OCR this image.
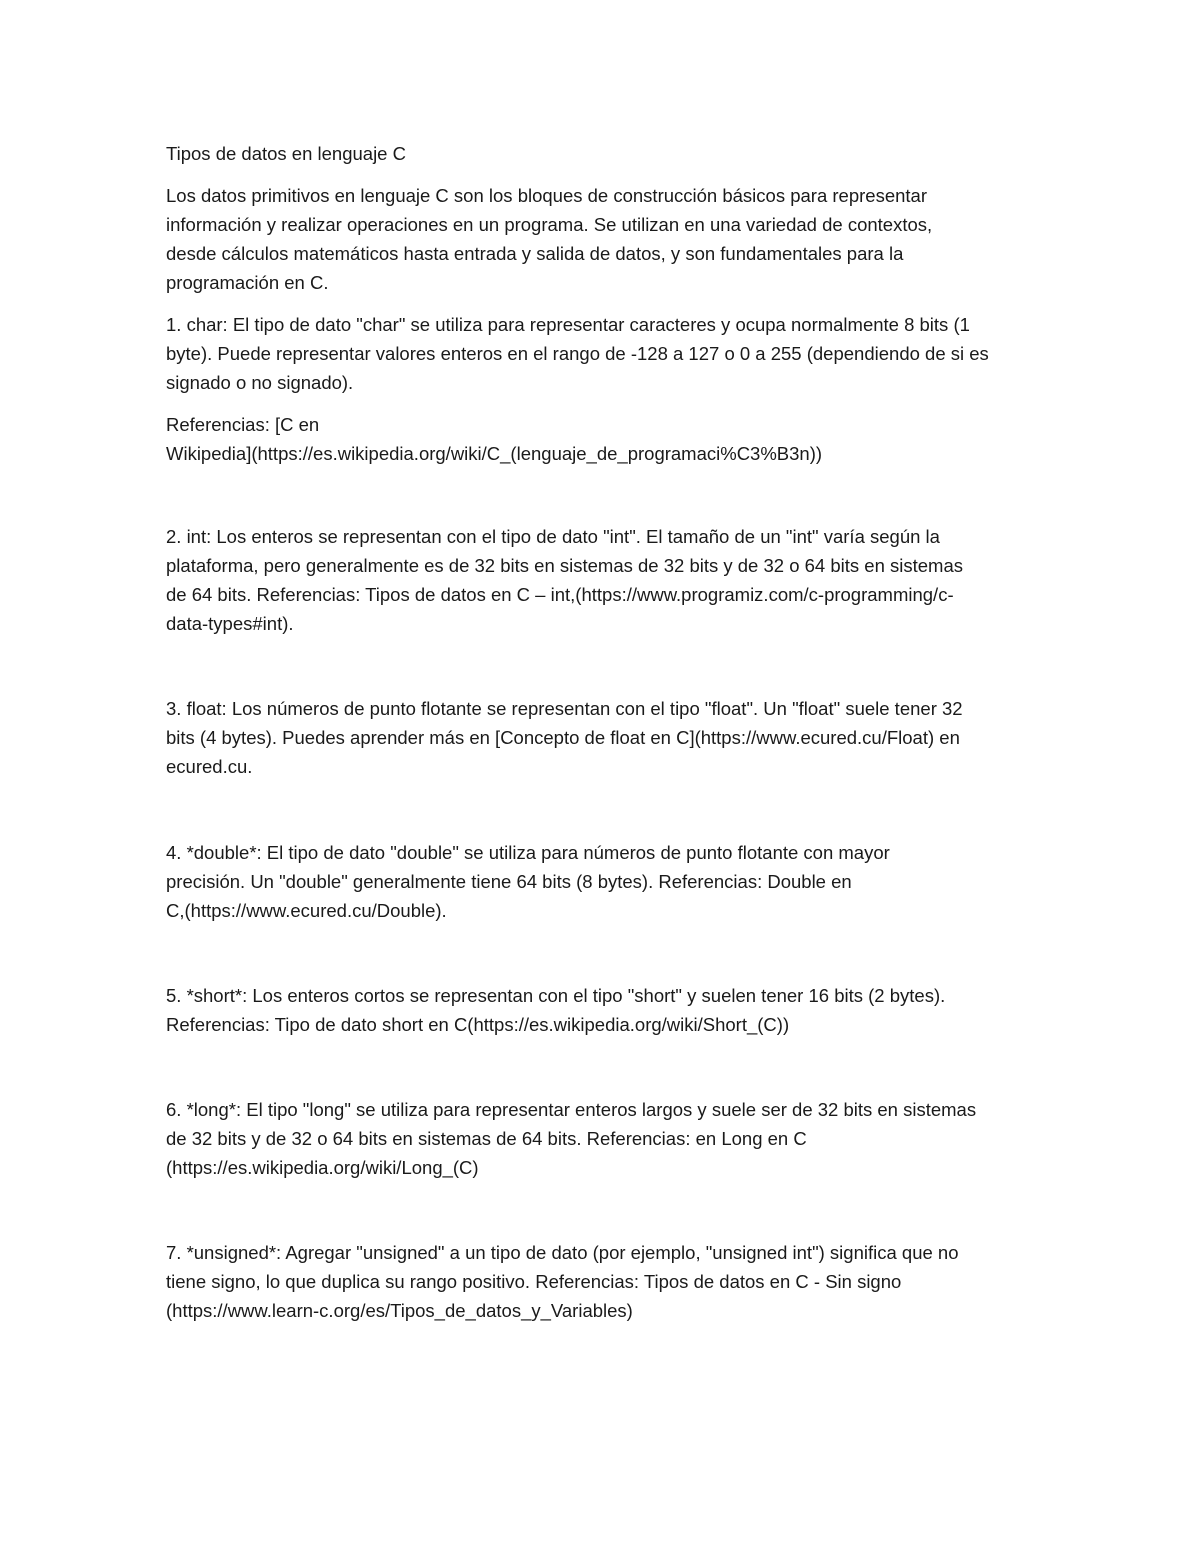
Tipos de datos en lenguaje C

Los datos primitivos en lenguaje C son los bloques de construcción básicos para representar
información y realizar operaciones en un programa. Se utilizan en una variedad de contextos,
desde cálculos matemáticos hasta entrada y salida de datos, y son fundamentales para la
programación en C.

1. char: El tipo de dato "char" se utiliza para representar caracteres y ocupa normalmente 8 bits (1
byte). Puede representar valores enteros en el rango de -128 a 127 o 0 a 255 (dependiendo de si es
signado o no signado).

Referencias: [C en
Wikipedia](https://es.wikipedia.org/wiki/C_(lenguaje_de_programaci%C3%B3n))

2. int: Los enteros se representan con el tipo de dato "int". El tamaño de un "int" varía según la
plataforma, pero generalmente es de 32 bits en sistemas de 32 bits y de 32 o 64 bits en sistemas
de 64 bits. Referencias: Tipos de datos en C – int,(https://www.programiz.com/c-programming/c-
data-types#int).

3. float: Los números de punto flotante se representan con el tipo "float". Un "float" suele tener 32
bits (4 bytes). Puedes aprender más en [Concepto de float en C](https://www.ecured.cu/Float) en
ecured.cu.

4. *double*: El tipo de dato "double" se utiliza para números de punto flotante con mayor
precisión. Un "double" generalmente tiene 64 bits (8 bytes). Referencias: Double en
C,(https://www.ecured.cu/Double).

5. *short*: Los enteros cortos se representan con el tipo "short" y suelen tener 16 bits (2 bytes).
Referencias: Tipo de dato short en C(https://es.wikipedia.org/wiki/Short_(C))

6. *long*: El tipo "long" se utiliza para representar enteros largos y suele ser de 32 bits en sistemas
de 32 bits y de 32 o 64 bits en sistemas de 64 bits. Referencias: en Long en C
(https://es.wikipedia.org/wiki/Long_(C)

7. *unsigned*: Agregar "unsigned" a un tipo de dato (por ejemplo, "unsigned int") significa que no
tiene signo, lo que duplica su rango positivo. Referencias: Tipos de datos en C - Sin signo
(https://www.learn-c.org/es/Tipos_de_datos_y_Variables)
